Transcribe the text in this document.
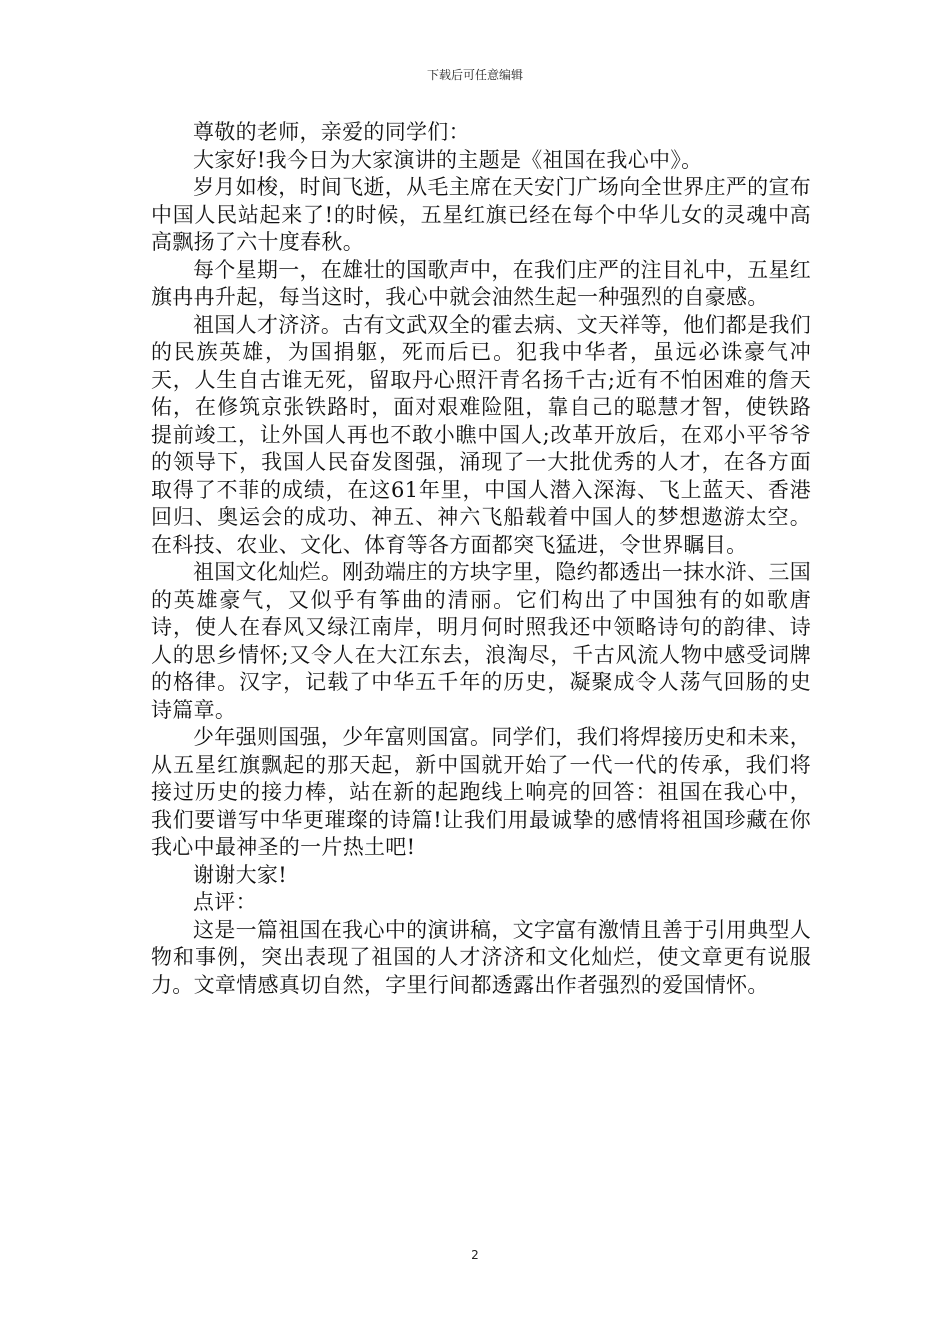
下载后可任意编辑

尊敬的老师，亲爱的同学们：

大家好!我今日为大家演讲的主题是《祖国在我心中》。

岁月如梭，时间飞逝，从毛主席在天安门广场向全世界庄严的宣布中国人民站起来了!的时候，五星红旗已经在每个中华儿女的灵魂中高高飘扬了六十度春秋。

每个星期一，在雄壮的国歌声中，在我们庄严的注目礼中，五星红旗冉冉升起，每当这时，我心中就会油然生起一种强烈的自豪感。

祖国人才济济。古有文武双全的霍去病、文天祥等，他们都是我们的民族英雄，为国捐躯，死而后已。犯我中华者，虽远必诛豪气冲天，人生自古谁无死，留取丹心照汗青名扬千古;近有不怕困难的詹天佑，在修筑京张铁路时，面对艰难险阻，靠自己的聪慧才智，使铁路提前竣工，让外国人再也不敢小瞧中国人;改革开放后，在邓小平爷爷的领导下，我国人民奋发图强，涌现了一大批优秀的人才，在各方面取得了不菲的成绩，在这61年里，中国人潜入深海、飞上蓝天、香港回归、奥运会的成功、神五、神六飞船载着中国人的梦想遨游太空。在科技、农业、文化、体育等各方面都突飞猛进，令世界瞩目。

祖国文化灿烂。刚劲端庄的方块字里，隐约都透出一抹水浒、三国的英雄豪气，又似乎有筝曲的清丽。它们构出了中国独有的如歌唐诗，使人在春风又绿江南岸，明月何时照我还中领略诗句的韵律、诗人的思乡情怀;又令人在大江东去，浪淘尽，千古风流人物中感受词牌的格律。汉字，记载了中华五千年的历史，凝聚成令人荡气回肠的史诗篇章。

少年强则国强，少年富则国富。同学们，我们将焊接历史和未来，从五星红旗飘起的那天起，新中国就开始了一代一代的传承，我们将接过历史的接力棒，站在新的起跑线上响亮的回答：祖国在我心中，我们要谱写中华更璀璨的诗篇!让我们用最诚挚的感情将祖国珍藏在你我心中最神圣的一片热土吧!

谢谢大家!

点评：

这是一篇祖国在我心中的演讲稿，文字富有激情且善于引用典型人物和事例，突出表现了祖国的人才济济和文化灿烂，使文章更有说服力。文章情感真切自然，字里行间都透露出作者强烈的爱国情怀。

2
